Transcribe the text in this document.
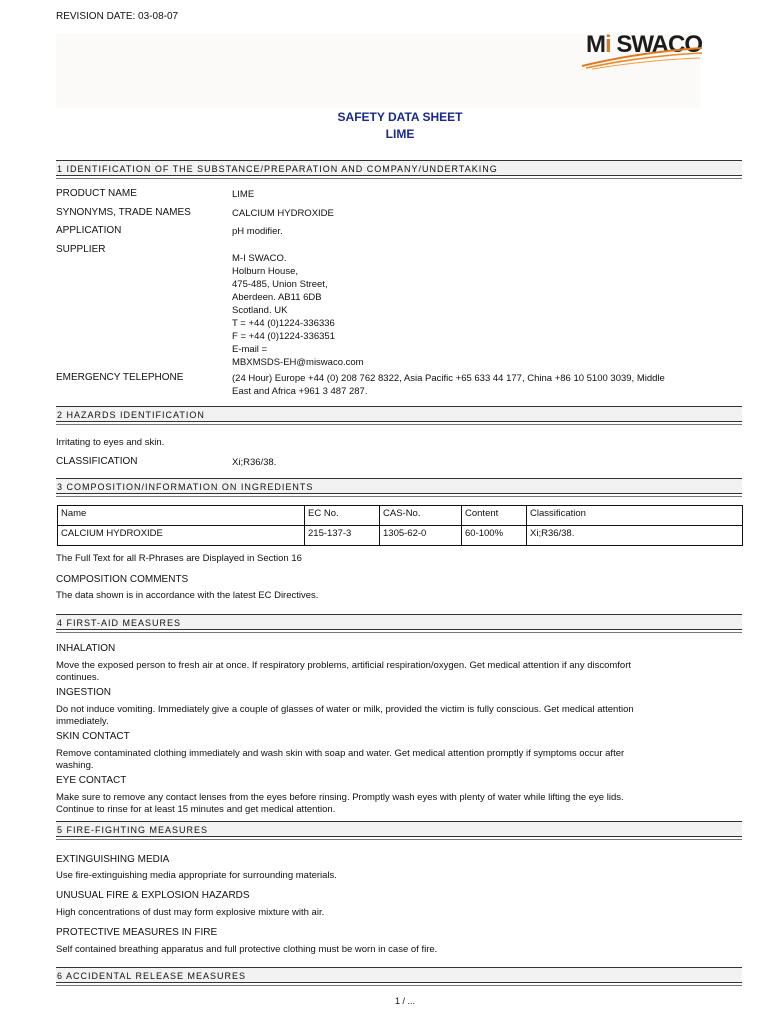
REVISION DATE: 03-08-07
Mi SWACO
SAFETY DATA SHEET
LIME
1 IDENTIFICATION OF THE SUBSTANCE/PREPARATION AND COMPANY/UNDERTAKING
PRODUCT NAME	LIME
SYNONYMS, TRADE NAMES	CALCIUM HYDROXIDE
APPLICATION	pH modifier.
SUPPLIER
M-I SWACO.
Holburn House,
475-485, Union Street,
Aberdeen. AB11 6DB
Scotland. UK
T = +44 (0)1224-336336
F = +44 (0)1224-336351
E-mail =
MBXMSDS-EH@miswaco.com
EMERGENCY TELEPHONE	(24 Hour) Europe +44 (0) 208 762 8322, Asia Pacific +65 633 44 177, China +86 10 5100 3039, Middle
East and Africa +961 3 487 287.
2 HAZARDS IDENTIFICATION
Irritating to eyes and skin.
CLASSIFICATION	Xi;R36/38.
3 COMPOSITION/INFORMATION ON INGREDIENTS
Name	EC No.	CAS-No.	Content	Classification
CALCIUM HYDROXIDE	215-137-3	1305-62-0	60-100%	Xi;R36/38.
The Full Text for all R-Phrases are Displayed in Section 16
COMPOSITION COMMENTS
The data shown is in accordance with the latest EC Directives.
4 FIRST-AID MEASURES
INHALATION
Move the exposed person to fresh air at once. If respiratory problems, artificial respiration/oxygen. Get medical attention if any discomfort
continues.
INGESTION
Do not induce vomiting. Immediately give a couple of glasses of water or milk, provided the victim is fully conscious. Get medical attention
immediately.
SKIN CONTACT
Remove contaminated clothing immediately and wash skin with soap and water. Get medical attention promptly if symptoms occur after
washing.
EYE CONTACT
Make sure to remove any contact lenses from the eyes before rinsing. Promptly wash eyes with plenty of water while lifting the eye lids.
Continue to rinse for at least 15 minutes and get medical attention.
5 FIRE-FIGHTING MEASURES
EXTINGUISHING MEDIA
Use fire-extinguishing media appropriate for surrounding materials.
UNUSUAL FIRE & EXPLOSION HAZARDS
High concentrations of dust may form explosive mixture with air.
PROTECTIVE MEASURES IN FIRE
Self contained breathing apparatus and full protective clothing must be worn in case of fire.
6 ACCIDENTAL RELEASE MEASURES
1 / ...
